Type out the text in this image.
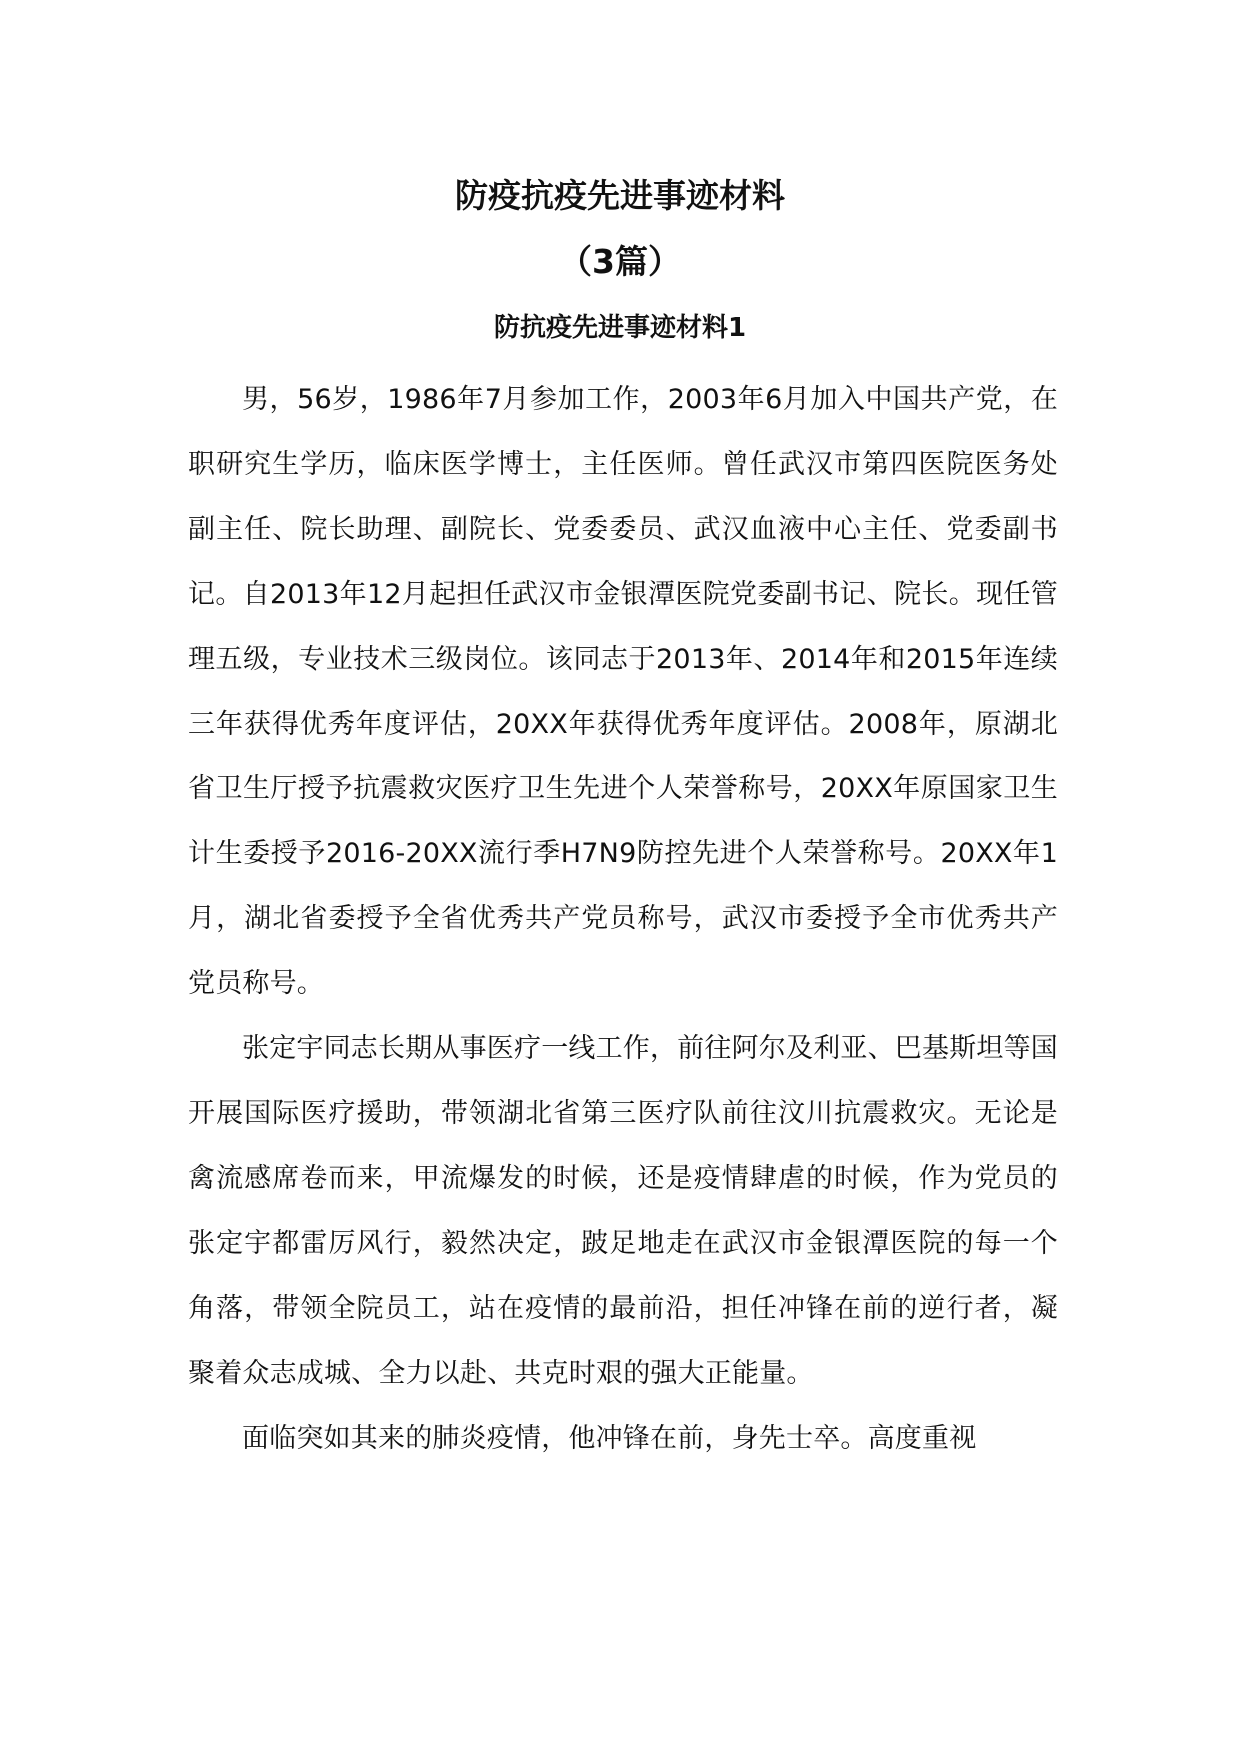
防疫抗疫先进事迹材料
（3篇）
防抗疫先进事迹材料1

男，56岁，1986年7月参加工作，2003年6月加入中国共产党，在职研究生学历，临床医学博士，主任医师。曾任武汉市第四医院医务处副主任、院长助理、副院长、党委委员、武汉血液中心主任、党委副书记。自2013年12月起担任武汉市金银潭医院党委副书记、院长。现任管理五级，专业技术三级岗位。该同志于2013年、2014年和2015年连续三年获得优秀年度评估，20XX年获得优秀年度评估。2008年，原湖北省卫生厅授予抗震救灾医疗卫生先进个人荣誉称号，20XX年原国家卫生计生委授予2016-20XX流行季H7N9防控先进个人荣誉称号。20XX年1月，湖北省委授予全省优秀共产党员称号，武汉市委授予全市优秀共产党员称号。

张定宇同志长期从事医疗一线工作，前往阿尔及利亚、巴基斯坦等国开展国际医疗援助，带领湖北省第三医疗队前往汶川抗震救灾。无论是禽流感席卷而来，甲流爆发的时候，还是疫情肆虐的时候，作为党员的张定宇都雷厉风行，毅然决定，跛足地走在武汉市金银潭医院的每一个角落，带领全院员工，站在疫情的最前沿，担任冲锋在前的逆行者，凝聚着众志成城、全力以赴、共克时艰的强大正能量。

面临突如其来的肺炎疫情，他冲锋在前，身先士卒。高度重视
